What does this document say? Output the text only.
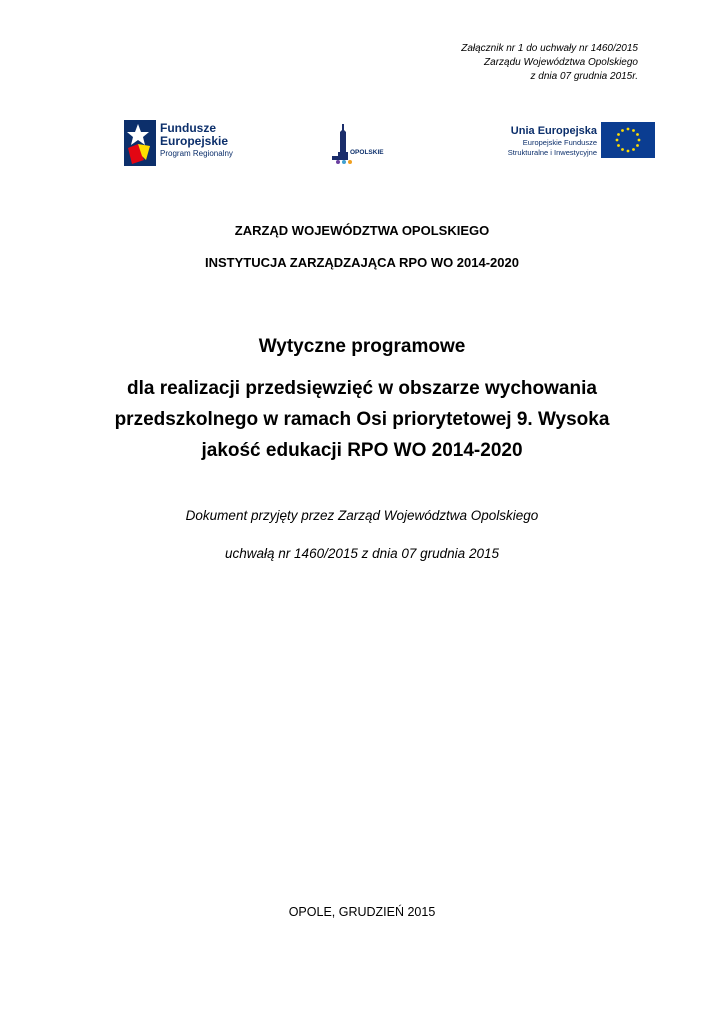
Załącznik nr 1 do uchwały nr 1460/2015
Zarządu Województwa Opolskiego
z dnia 07 grudnia 2015r.
Fundusze
Europejskie
Program Regionalny	OPOLSKIE
Unia Europejska
Europejskie Fundusze
Strukturalne i Inwestycyjne
ZARZĄD WOJEWÓDZTWA OPOLSKIEGO
INSTYTUCJA ZARZĄDZAJĄCA RPO WO 2014-2020
Wytyczne programowe
dla realizacji przedsięwzięć w obszarze wychowania
przedszkolnego w ramach Osi priorytetowej 9. Wysoka
jakość edukacji RPO WO 2014-2020
Dokument przyjęty przez Zarząd Województwa Opolskiego
uchwałą nr 1460/2015 z dnia 07 grudnia 2015
OPOLE, GRUDZIEŃ 2015
